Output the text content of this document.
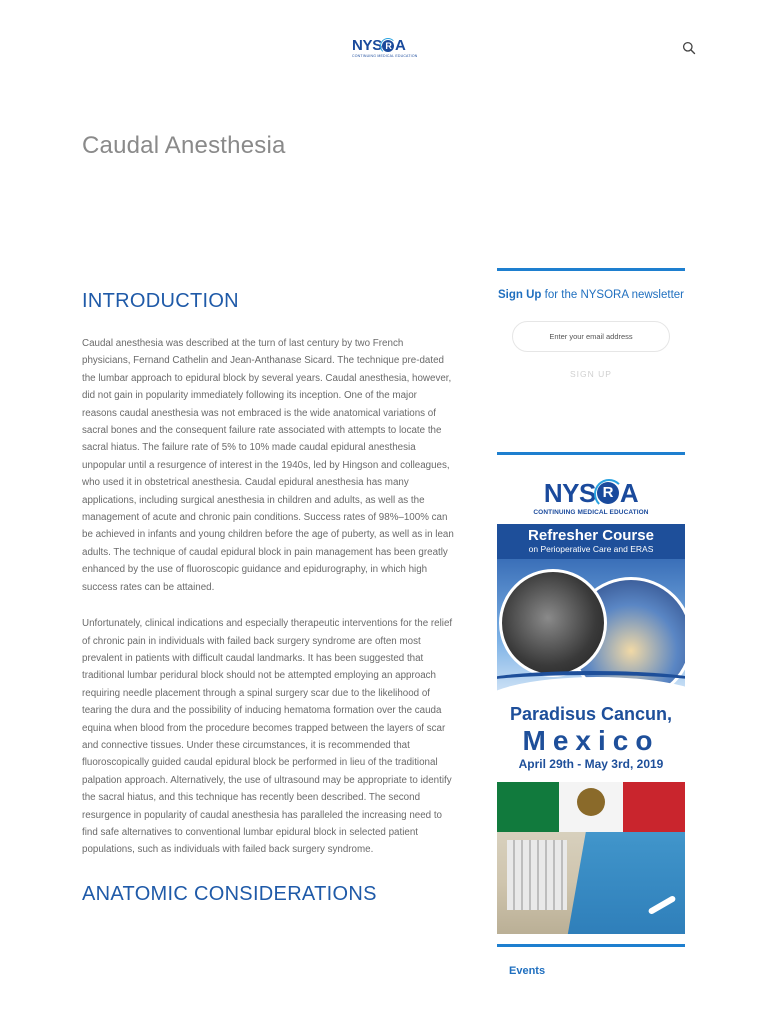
NYS R A
CONTINUING MEDICAL EDUCATION
Caudal Anesthesia
INTRODUCTION

Caudal anesthesia was described at the turn of last century by two French physicians, Fernand Cathelin and Jean-Anthanase Sicard. The technique pre-dated the lumbar approach to epidural block by several years. Caudal anesthesia, however, did not gain in popularity immediately following its inception. One of the major reasons caudal anesthesia was not embraced is the wide anatomical variations of sacral bones and the consequent failure rate associated with attempts to locate the sacral hiatus. The failure rate of 5% to 10% made caudal epidural anesthesia unpopular until a resurgence of interest in the 1940s, led by Hingson and colleagues, who used it in obstetrical anesthesia. Caudal epidural anesthesia has many applications, including surgical anesthesia in children and adults, as well as the management of acute and chronic pain conditions. Success rates of 98%–100% can be achieved in infants and young children before the age of puberty, as well as in lean adults. The technique of caudal epidural block in pain management has been greatly enhanced by the use of fluoroscopic guidance and epidurography, in which high success rates can be attained.

Unfortunately, clinical indications and especially therapeutic interventions for the relief of chronic pain in individuals with failed back surgery syndrome are often most prevalent in patients with difficult caudal landmarks. It has been suggested that traditional lumbar peridural block should not be attempted employing an approach requiring needle placement through a spinal surgery scar due to the likelihood of tearing the dura and the possibility of inducing hematoma formation over the cauda equina when blood from the procedure becomes trapped between the layers of scar and connective tissues. Under these circumstances, it is recommended that fluoroscopically guided caudal epidural block be performed in lieu of the traditional palpation approach. Alternatively, the use of ultrasound may be appropriate to identify the sacral hiatus, and this technique has recently been described. The second resurgence in popularity of caudal anesthesia has paralleled the increasing need to find safe alternatives to conventional lumbar epidural block in selected patient populations, such as individuals with failed back surgery syndrome.

ANATOMIC CONSIDERATIONS
Sign Up for the NYSORA newsletter
Enter your email address
SIGN UP
NYS R A
CONTINUING MEDICAL EDUCATION
Refresher Course
on Perioperative Care and ERAS
Paradisus Cancun,
Mexico
April 29th - May 3rd, 2019
Events
